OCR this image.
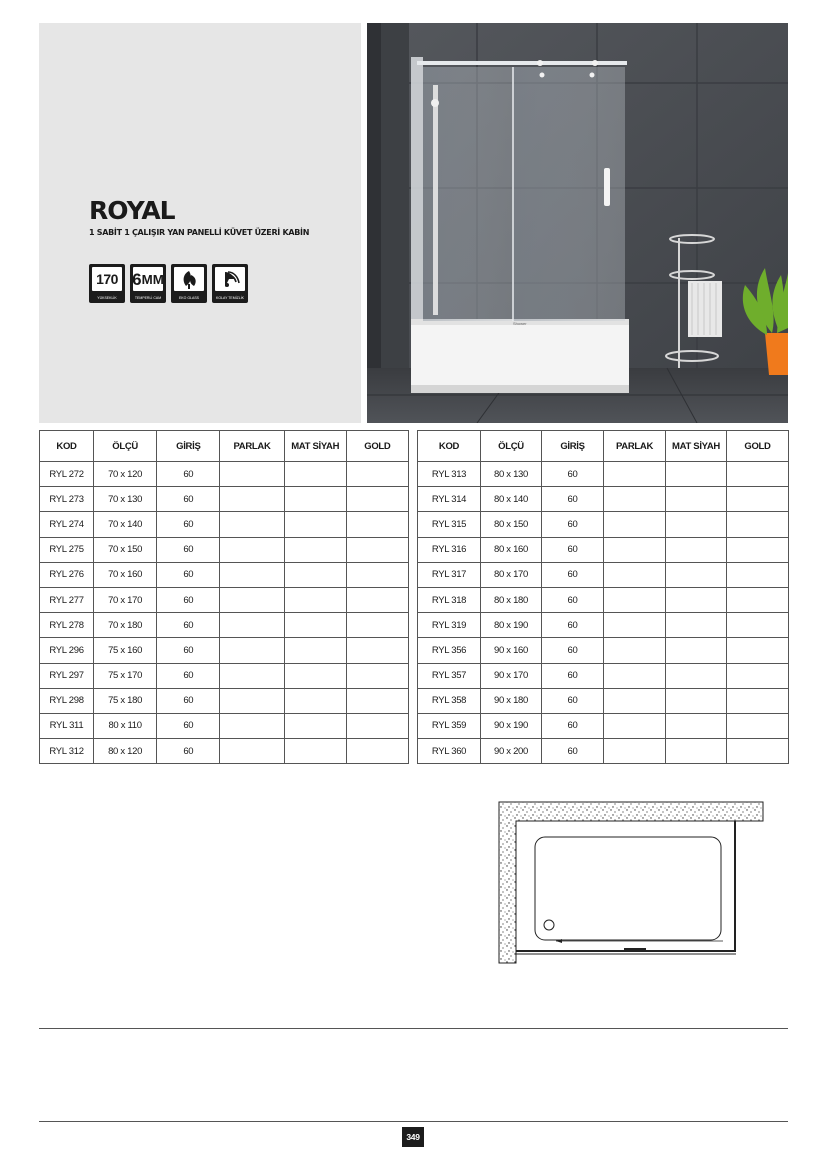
ROYAL
1 SABİT 1 ÇALIŞIR YAN PANELLİ KÜVET ÜZERİ KABİN
170
YÜKSEKLİK
6 MM
TEMPERLİ CAM	EKO GLASS	KOLAY TEMİZLİK
Shower
KOD	ÖLÇÜ	GİRİŞ	PARLAK	MAT SİYAH	GOLD
RYL 272	70 x 120	60			
RYL 273	70 x 130	60			
RYL 274	70 x 140	60			
RYL 275	70 x 150	60			
RYL 276	70 x 160	60			
RYL 277	70 x 170	60			
RYL 278	70 x 180	60			
RYL 296	75 x 160	60			
RYL 297	75 x 170	60			
RYL 298	75 x 180	60			
RYL 311	80 x 110	60			
RYL 312	80 x 120	60			
KOD	ÖLÇÜ	GİRİŞ	PARLAK	MAT SİYAH	GOLD
RYL 313	80 x 130	60			
RYL 314	80 x 140	60			
RYL 315	80 x 150	60			
RYL 316	80 x 160	60			
RYL 317	80 x 170	60			
RYL 318	80 x 180	60			
RYL 319	80 x 190	60			
RYL 356	90 x 160	60			
RYL 357	90 x 170	60			
RYL 358	90 x 180	60			
RYL 359	90 x 190	60			
RYL 360	90 x 200	60			
349
